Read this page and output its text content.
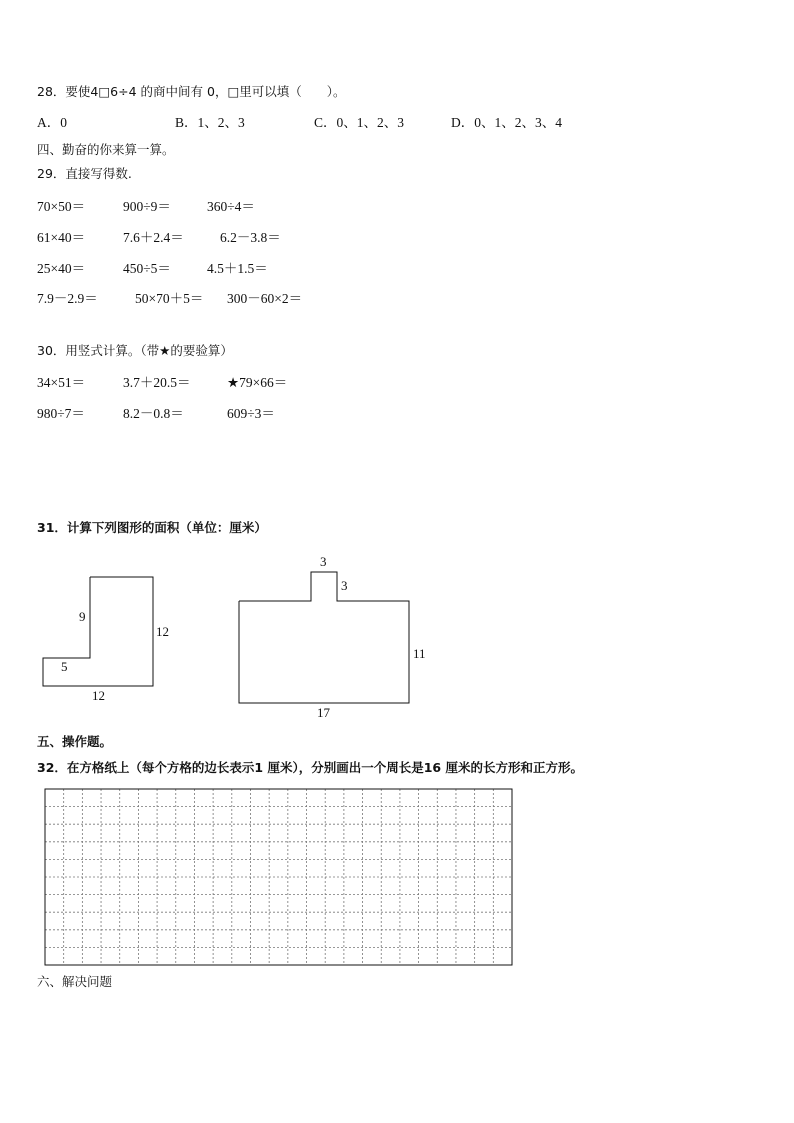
28．要使4□6÷4 的商中间有 0，□里可以填（　　）。
A．0	B．1、2、3	C．0、1、2、3	D．0、1、2、3、4
四、勤奋的你来算一算。
29．直接写得数.
70×50＝	900÷9＝	360÷4＝
61×40＝	7.6＋2.4＝	6.2－3.8＝
25×40＝	450÷5＝	4.5＋1.5＝
7.9－2.9＝	50×70＋5＝ 300－60×2＝
30．用竖式计算。（带★的要验算）
34×51＝	3.7＋20.5＝	★79×66＝
980÷7＝	8.2－0.8＝	609÷3＝
31．计算下列图形的面积（单位：厘米）
9
12
5
12
3
3
11
17
五、操作题。
32．在方格纸上（每个方格的边长表示1 厘米），分别画出一个周长是16 厘米的长方形和正方形。
六、解决问题
